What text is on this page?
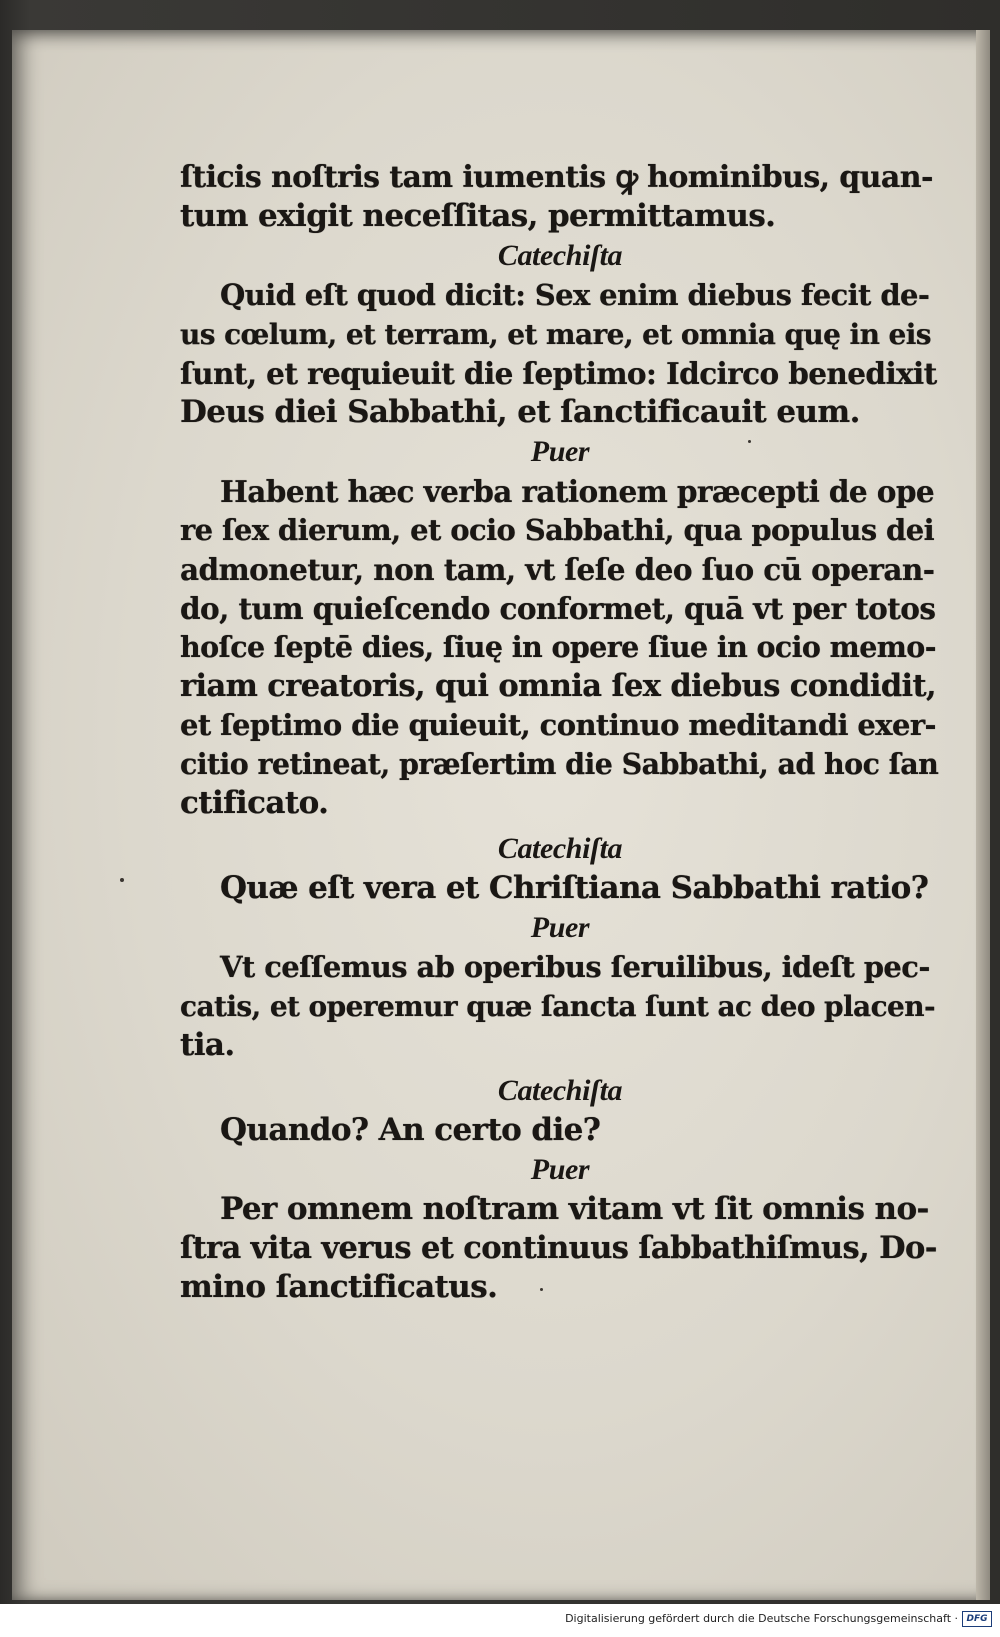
ſticis noſtris tam iumentis ꝙ hominibus, quan-
tum exigit neceſſitas, permittamus.
Catechiſta
Quid eſt quod dicit: Sex enim diebus fecit de-
us cœlum, et terram, et mare, et omnia quę in eis
ſunt, et requieuit die ſeptimo: Idcirco benedixit
Deus diei Sabbathi, et ſanctificauit eum.
Puer
Habent hæc verba rationem præcepti de ope
re ſex dierum, et ocio Sabbathi, qua populus dei
admonetur, non tam, vt ſeſe deo ſuo cū operan-
do, tum quieſcendo conformet, quā vt per totos
hoſce ſeptē dies, ſiuę in opere ſiue in ocio memo-
riam creatoris, qui omnia ſex diebus condidit,
et ſeptimo die quieuit, continuo meditandi exer-
citio retineat, præſertim die Sabbathi, ad hoc ſan
ctificato.
Catechiſta
Quæ eſt vera et Chriſtiana Sabbathi ratio?
Puer
Vt ceſſemus ab operibus ſeruilibus, ideſt pec-
catis, et operemur quæ ſancta ſunt ac deo placen-
tia.
Catechiſta
Quando? An certo die?
Puer
Per omnem noſtram vitam vt ſit omnis no-
ſtra vita verus et continuus ſabbathiſmus, Do-
mino ſanctificatus.
Digitalisierung gefördert durch die Deutsche Forschungsgemeinschaft · DFG
